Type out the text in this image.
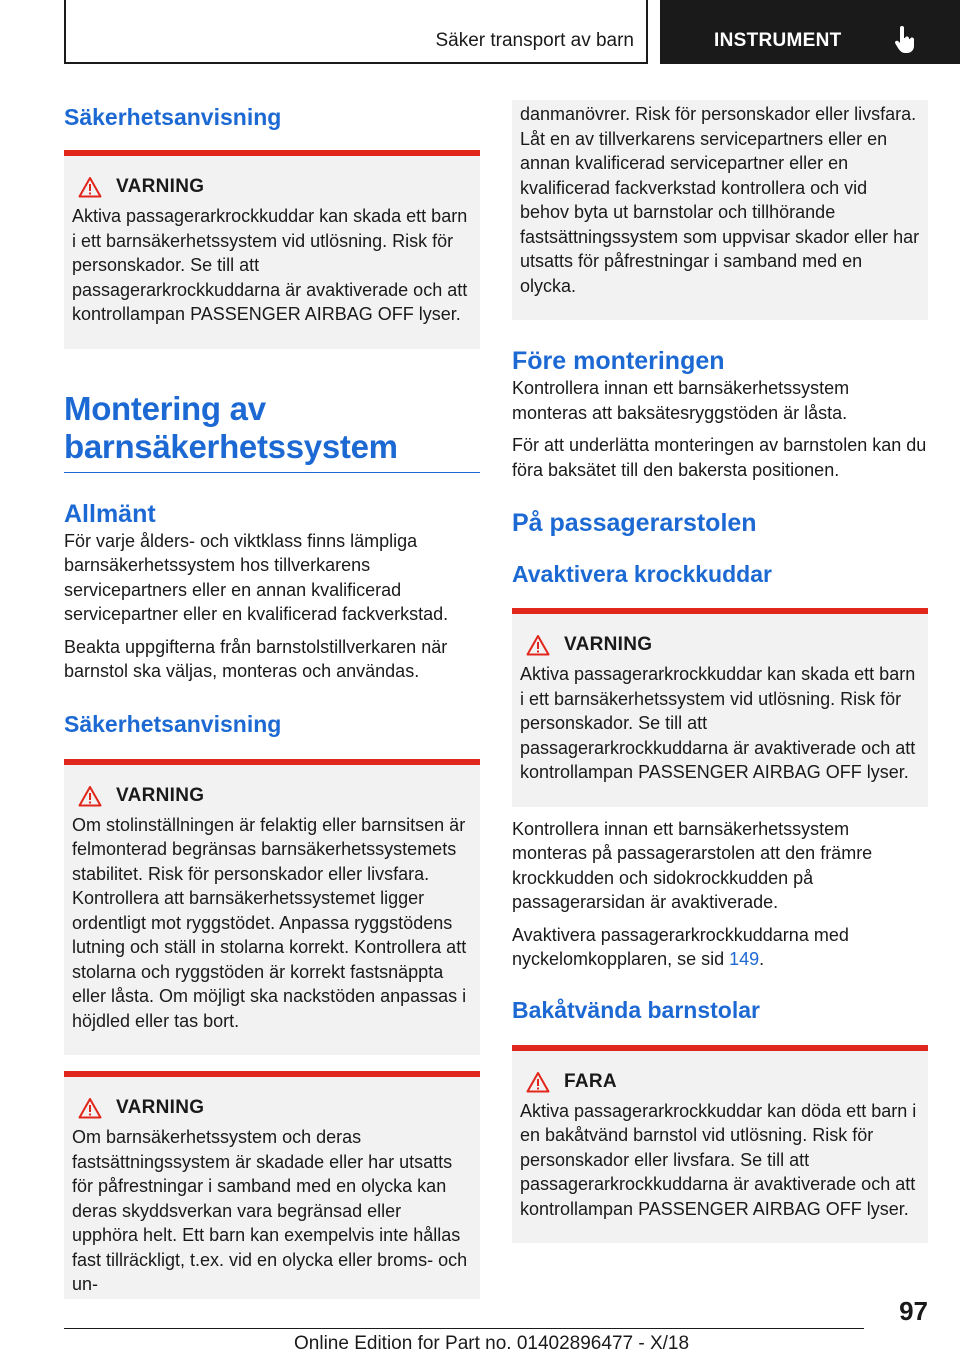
Säker transport av barn	INSTRUMENT
Säkerhetsanvisning
VARNING
Aktiva passagerarkrockkuddar kan skada ett barn i ett barnsäkerhetssystem vid utlösning. Risk för personskador. Se till att passagerarkrockkuddarna är avaktiverade och att kontrollampan PASSENGER AIRBAG OFF lyser.
Montering av barnsäkerhetssystem
Allmänt
För varje ålders- och viktklass finns lämpliga barnsäkerhetssystem hos tillverkarens servicepartners eller en annan kvalificerad servicepartner eller en kvalificerad fackverkstad.
Beakta uppgifterna från barnstolstillverkaren när barnstol ska väljas, monteras och användas.
Säkerhetsanvisning
VARNING
Om stolinställningen är felaktig eller barnsitsen är felmonterad begränsas barnsäkerhetssystemets stabilitet. Risk för personskador eller livsfara. Kontrollera att barnsäkerhetssystemet ligger ordentligt mot ryggstödet. Anpassa ryggstödens lutning och ställ in stolarna korrekt. Kontrollera att stolarna och ryggstöden är korrekt fastsnäppta eller låsta. Om möjligt ska nackstöden anpassas i höjdled eller tas bort.
VARNING
Om barnsäkerhetssystem och deras fastsättningssystem är skadade eller har utsatts för påfrestningar i samband med en olycka kan deras skyddsverkan vara begränsad eller upphöra helt. Ett barn kan exempelvis inte hållas fast tillräckligt, t.ex. vid en olycka eller broms- och un-
danmanövrer. Risk för personskador eller livsfara. Låt en av tillverkarens servicepartners eller en annan kvalificerad servicepartner eller en kvalificerad fackverkstad kontrollera och vid behov byta ut barnstolar och tillhörande fastsättningssystem som uppvisar skador eller har utsatts för påfrestningar i samband med en olycka.
Före monteringen
Kontrollera innan ett barnsäkerhetssystem monteras att baksätesryggstöden är låsta.
För att underlätta monteringen av barnstolen kan du föra baksätet till den bakersta positionen.
På passagerarstolen
Avaktivera krockkuddar
VARNING
Aktiva passagerarkrockkuddar kan skada ett barn i ett barnsäkerhetssystem vid utlösning. Risk för personskador. Se till att passagerarkrockkuddarna är avaktiverade och att kontrollampan PASSENGER AIRBAG OFF lyser.
Kontrollera innan ett barnsäkerhetssystem monteras på passagerarstolen att den främre krockkudden och sidokrockkudden på passagerarsidan är avaktiverade.
Avaktivera passagerarkrockkuddarna med nyckelomkopplaren, se sid 149.
Bakåtvända barnstolar
FARA
Aktiva passagerarkrockkuddar kan döda ett barn i en bakåtvänd barnstol vid utlösning. Risk för personskador eller livsfara. Se till att passagerarkrockkuddarna är avaktiverade och att kontrollampan PASSENGER AIRBAG OFF lyser.
97
Online Edition for Part no. 01402896477 - X/18
